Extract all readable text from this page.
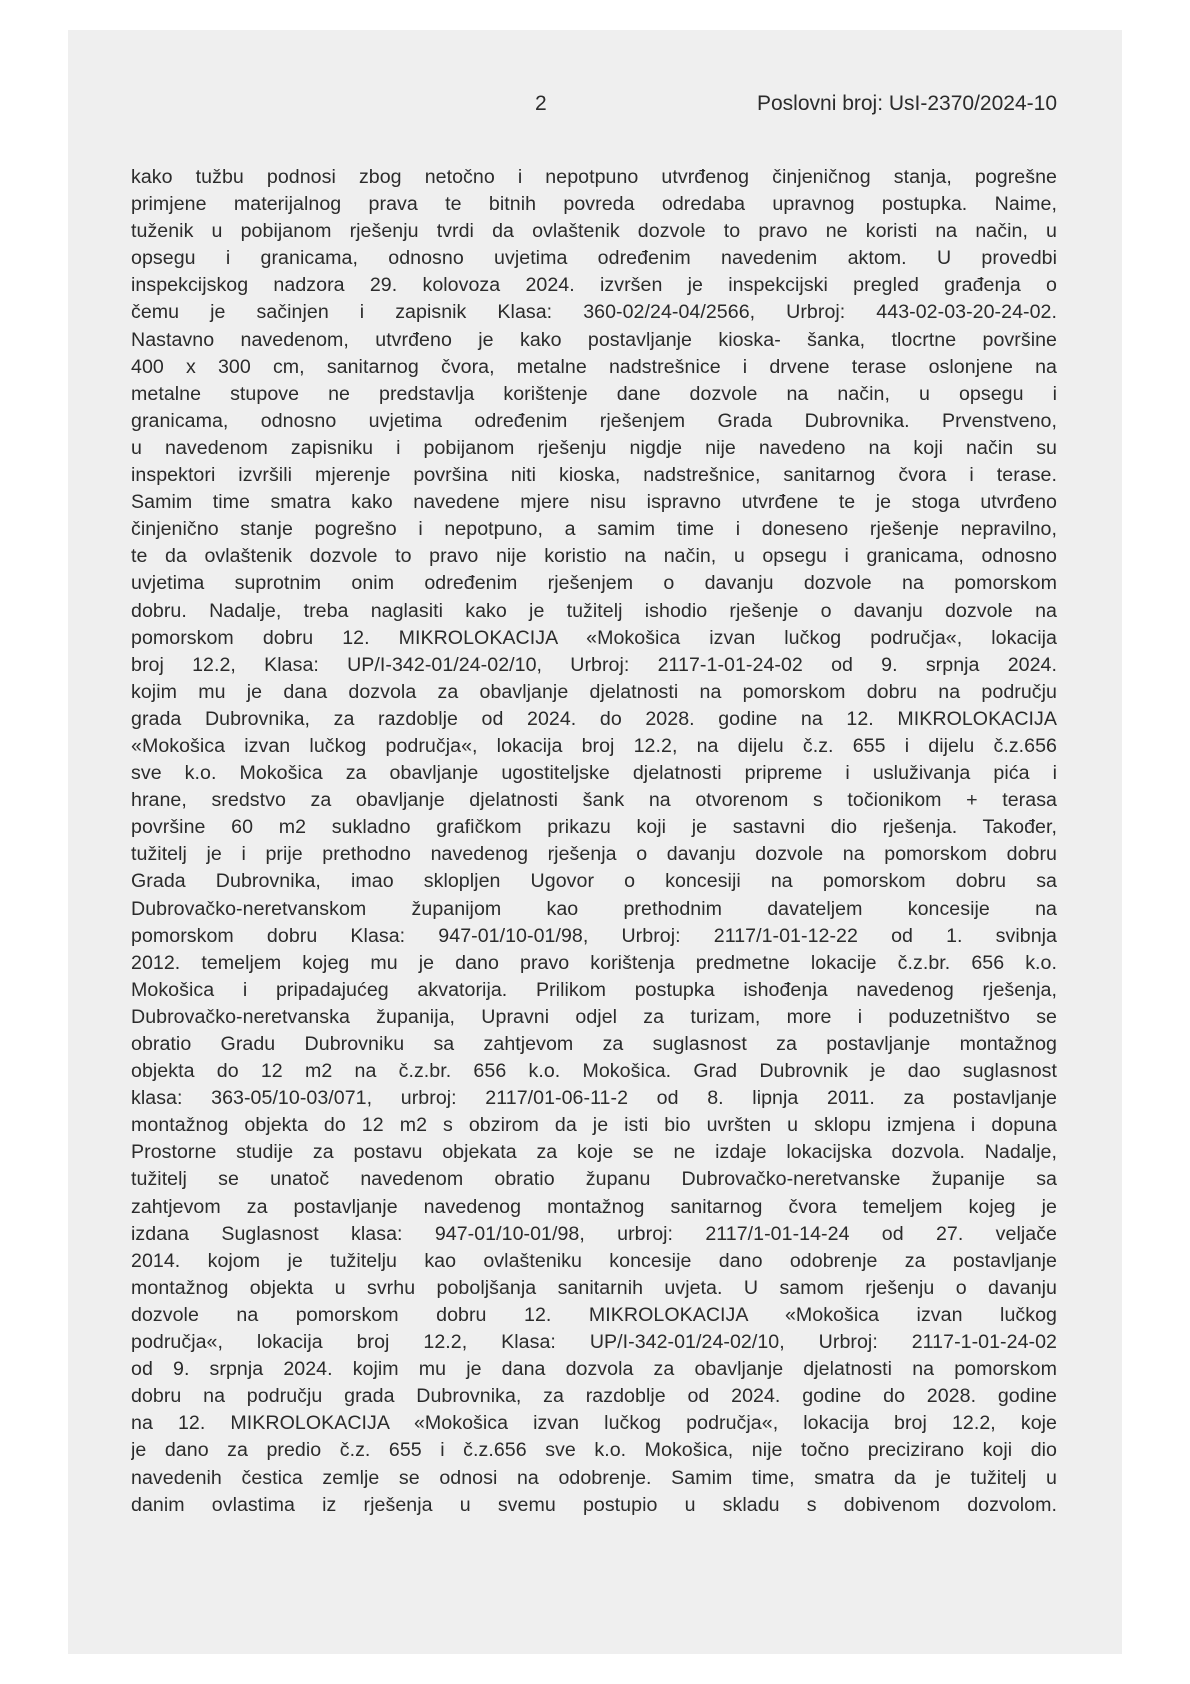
2	Poslovni broj: UsI-2370/2024-10
kako tužbu podnosi zbog netočno i nepotpuno utvrđenog činjeničnog stanja, pogrešne
primjene materijalnog prava te bitnih povreda odredaba upravnog postupka. Naime,
tuženik u pobijanom rješenju tvrdi da ovlaštenik dozvole to pravo ne koristi na način, u
opsegu i granicama, odnosno uvjetima određenim navedenim aktom. U provedbi
inspekcijskog nadzora 29. kolovoza 2024. izvršen je inspekcijski pregled građenja o
čemu je sačinjen i zapisnik Klasa: 360-02/24-04/2566, Urbroj: 443-02-03-20-24-02.
Nastavno navedenom, utvrđeno je kako postavljanje kioska- šanka, tlocrtne površine
400 x 300 cm, sanitarnog čvora, metalne nadstrešnice i drvene terase oslonjene na
metalne stupove ne predstavlja korištenje dane dozvole na način, u opsegu i
granicama, odnosno uvjetima određenim rješenjem Grada Dubrovnika. Prvenstveno,
u navedenom zapisniku i pobijanom rješenju nigdje nije navedeno na koji način su
inspektori izvršili mjerenje površina niti kioska, nadstrešnice, sanitarnog čvora i terase.
Samim time smatra kako navedene mjere nisu ispravno utvrđene te je stoga utvrđeno
činjenično stanje pogrešno i nepotpuno, a samim time i doneseno rješenje nepravilno,
te da ovlaštenik dozvole to pravo nije koristio na način, u opsegu i granicama, odnosno
uvjetima suprotnim onim određenim rješenjem o davanju dozvole na pomorskom
dobru. Nadalje, treba naglasiti kako je tužitelj ishodio rješenje o davanju dozvole na
pomorskom dobru 12. MIKROLOKACIJA «Mokošica izvan lučkog područja«, lokacija
broj 12.2, Klasa: UP/I-342-01/24-02/10, Urbroj: 2117-1-01-24-02 od 9. srpnja 2024.
kojim mu je dana dozvola za obavljanje djelatnosti na pomorskom dobru na području
grada Dubrovnika, za razdoblje od 2024. do 2028. godine na 12. MIKROLOKACIJA
«Mokošica izvan lučkog područja«, lokacija broj 12.2, na dijelu č.z. 655 i dijelu č.z.656
sve k.o. Mokošica za obavljanje ugostiteljske djelatnosti pripreme i usluživanja pića i
hrane, sredstvo za obavljanje djelatnosti šank na otvorenom s točionikom + terasa
površine 60 m2 sukladno grafičkom prikazu koji je sastavni dio rješenja. Također,
tužitelj je i prije prethodno navedenog rješenja o davanju dozvole na pomorskom dobru
Grada Dubrovnika, imao sklopljen Ugovor o koncesiji na pomorskom dobru sa
Dubrovačko-neretvanskom županijom kao prethodnim davateljem koncesije na
pomorskom dobru Klasa: 947-01/10-01/98, Urbroj: 2117/1-01-12-22 od 1. svibnja
2012. temeljem kojeg mu je dano pravo korištenja predmetne lokacije č.z.br. 656 k.o.
Mokošica i pripadajućeg akvatorija. Prilikom postupka ishođenja navedenog rješenja,
Dubrovačko-neretvanska županija, Upravni odjel za turizam, more i poduzetništvo se
obratio Gradu Dubrovniku sa zahtjevom za suglasnost za postavljanje montažnog
objekta do 12 m2 na č.z.br. 656 k.o. Mokošica. Grad Dubrovnik je dao suglasnost
klasa: 363-05/10-03/071, urbroj: 2117/01-06-11-2 od 8. lipnja 2011. za postavljanje
montažnog objekta do 12 m2 s obzirom da je isti bio uvršten u sklopu izmjena i dopuna
Prostorne studije za postavu objekata za koje se ne izdaje lokacijska dozvola. Nadalje,
tužitelj se unatoč navedenom obratio županu Dubrovačko-neretvanske županije sa
zahtjevom za postavljanje navedenog montažnog sanitarnog čvora temeljem kojeg je
izdana Suglasnost klasa: 947-01/10-01/98, urbroj: 2117/1-01-14-24 od 27. veljače
2014. kojom je tužitelju kao ovlašteniku koncesije dano odobrenje za postavljanje
montažnog objekta u svrhu poboljšanja sanitarnih uvjeta. U samom rješenju o davanju
dozvole na pomorskom dobru 12. MIKROLOKACIJA «Mokošica izvan lučkog
područja«, lokacija broj 12.2, Klasa: UP/I-342-01/24-02/10, Urbroj: 2117-1-01-24-02
od 9. srpnja 2024. kojim mu je dana dozvola za obavljanje djelatnosti na pomorskom
dobru na području grada Dubrovnika, za razdoblje od 2024. godine do 2028. godine
na 12. MIKROLOKACIJA «Mokošica izvan lučkog područja«, lokacija broj 12.2, koje
je dano za predio č.z. 655 i č.z.656 sve k.o. Mokošica, nije točno precizirano koji dio
navedenih čestica zemlje se odnosi na odobrenje. Samim time, smatra da je tužitelj u
danim ovlastima iz rješenja u svemu postupio u skladu s dobivenom dozvolom.
